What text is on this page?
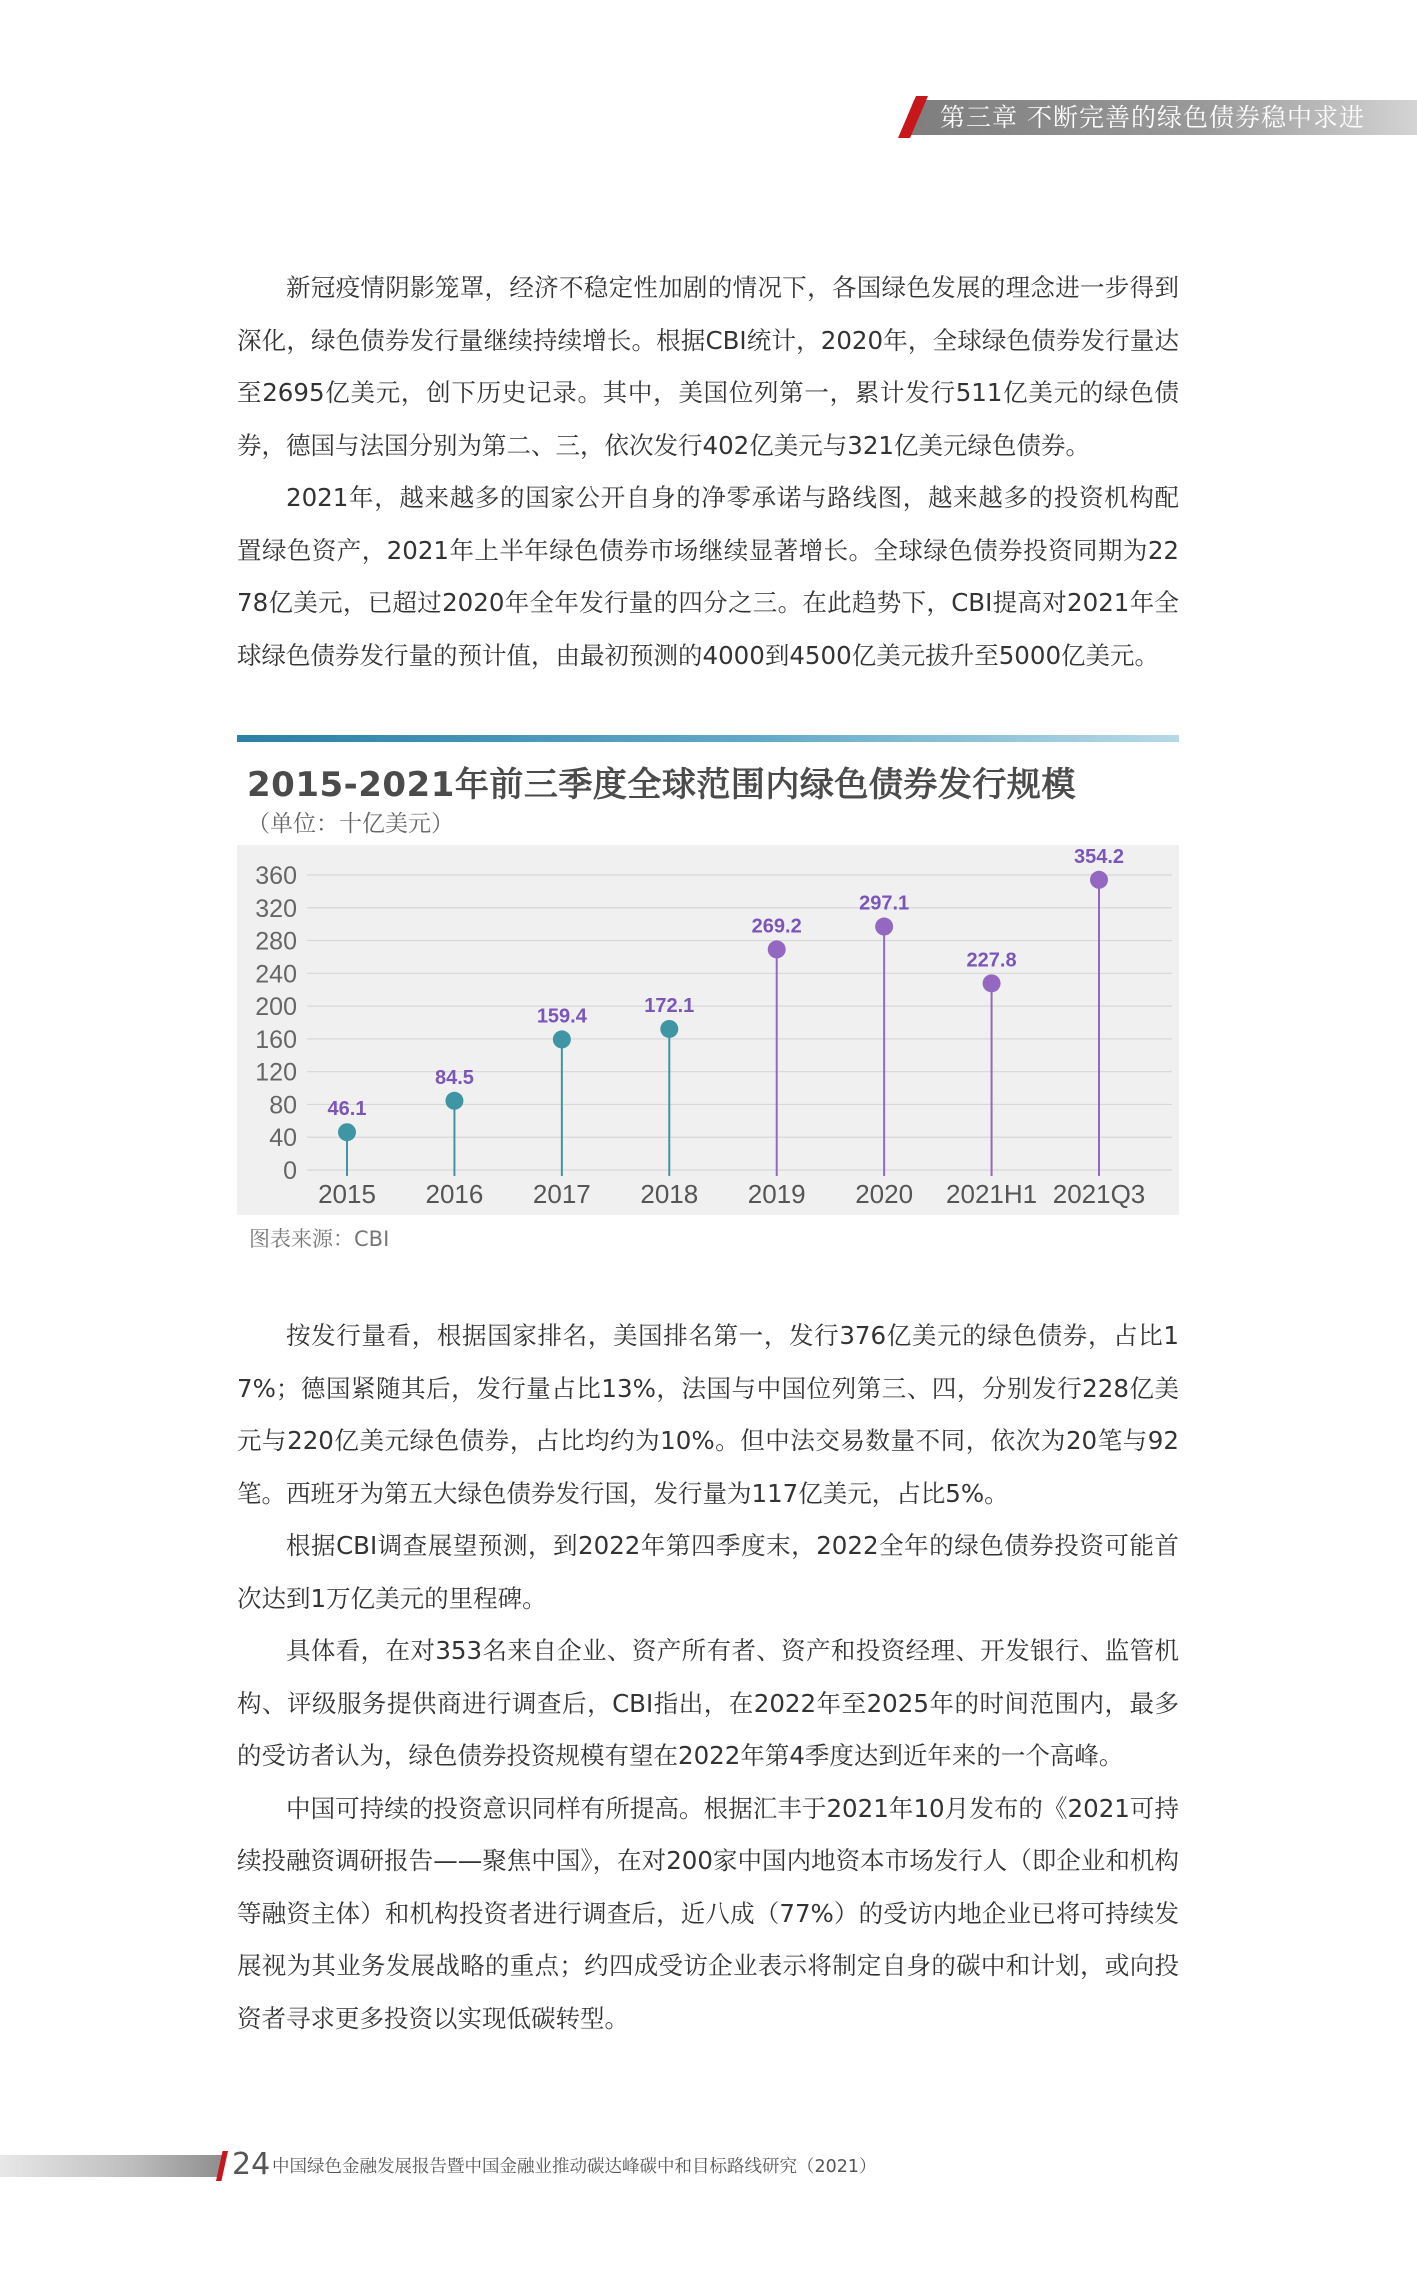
第三章 不断完善的绿色债券稳中求进

新冠疫情阴影笼罩，经济不稳定性加剧的情况下，各国绿色发展的理念进一步得到深化，绿色债券发行量继续持续增长。根据CBI统计，2020年，全球绿色债券发行量达至2695亿美元，创下历史记录。其中，美国位列第一，累计发行511亿美元的绿色债券，德国与法国分别为第二、三，依次发行402亿美元与321亿美元绿色债券。

2021年，越来越多的国家公开自身的净零承诺与路线图，越来越多的投资机构配置绿色资产，2021年上半年绿色债券市场继续显著增长。全球绿色债券投资同期为2278亿美元，已超过2020年全年发行量的四分之三。在此趋势下，CBI提高对2021年全球绿色债券发行量的预计值，由最初预测的4000到4500亿美元拔升至5000亿美元。

2015-2021年前三季度全球范围内绿色债券发行规模
（单位：十亿美元）
0
40
80
120
160
200
240
280
320
360
46.1
84.5
159.4	172.1
269.2
297.1
227.8
354.2
2015 2016 2017 2018 2019 2020 2021H1 2021Q3
图表来源：CBI

按发行量看，根据国家排名，美国排名第一，发行376亿美元的绿色债券，占比17%；德国紧随其后，发行量占比13%，法国与中国位列第三、四，分别发行228亿美元与220亿美元绿色债券，占比均约为10%。但中法交易数量不同，依次为20笔与92笔。西班牙为第五大绿色债券发行国，发行量为117亿美元，占比5%。

根据CBI调查展望预测，到2022年第四季度末，2022全年的绿色债券投资可能首次达到1万亿美元的里程碑。

具体看，在对353名来自企业、资产所有者、资产和投资经理、开发银行、监管机构、评级服务提供商进行调查后，CBI指出，在2022年至2025年的时间范围内，最多的受访者认为，绿色债券投资规模有望在2022年第4季度达到近年来的一个高峰。

中国可持续的投资意识同样有所提高。根据汇丰于2021年10月发布的《2021可持续投融资调研报告——聚焦中国》，在对200家中国内地资本市场发行人（即企业和机构等融资主体）和机构投资者进行调查后，近八成（77%）的受访内地企业已将可持续发展视为其业务发展战略的重点；约四成受访企业表示将制定自身的碳中和计划，或向投资者寻求更多投资以实现低碳转型。

24 中国绿色金融发展报告暨中国金融业推动碳达峰碳中和目标路线研究（2021）
